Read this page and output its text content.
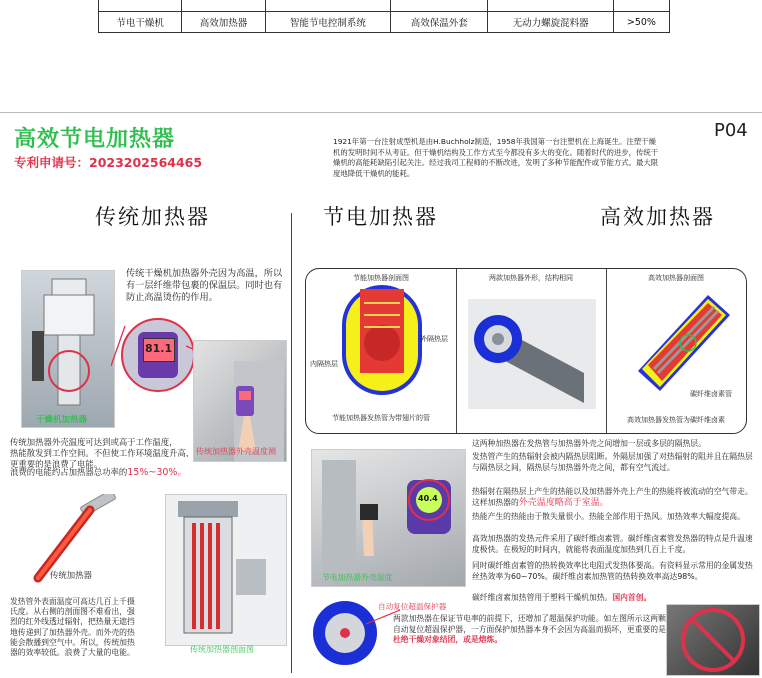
节电干燥机	高效加热器	智能节电控制系统	高效保温外套	无动力螺旋混料器	>50%
高效节电加热器
专利申请号：2023202564465
P04
1921年第一台注射成型机是由H.Buchholz制造，1958年我国第一台注塑机在上海诞生。注塑干燥机的发明时间不从考证。但干燥机结构及工作方式至今都没有多大的变化。随着时代的进步，传统干燥机的高能耗缺陷引起关注。经过我司工程师的不断改进，发明了多种节能配件或节能方式。最大限度地降低干燥机的能耗。
传统加热器	节电加热器	高效加热器
干燥机加热器
传统干燥机加热器外壳因为高温，所以有一层纤维带包裹的保温层。同时也有防止高温烫伤的作用。
81.1
传统加热器外壳温度可达到或高于工作温度，
热能散发到工作空间。不但使工作环境温度升高，
更重要的是浪费了电能。
传统加热器外壳温度测
浪费的电能约占加热器总功率的15%~30%。
传统加热器
发热管外表面温度可高达几百上千摄氏度。从右侧的剖面图不难看出，强烈的红外线透过辐射，把热量无遮挡地传递到了加热器外壳。而外壳的热能会散播到空气中。所以，传统加热器的效率较低。浪费了大量的电能。	传统加热器剖面图
节能加热器剖面图
内隔热层
外隔热层
节能加热器发热管为带翅片的管
两款加热器外形，结构相同	高效加热器剖面图
碳纤维卤素管
高效加热器发热管为碳纤维卤素
40.4
节电加热器外壳温度
自动复位超温保护器
这两种加热器在发热管与加热器外壳之间增加一层或多层的隔热层。
发热管产生的热辐射会被内隔热层阻断。外隔层加强了对热辐射的阻并且在隔热层与隔热层之间，隔热层与加热器外壳之间，都有空气流过。
热辐射在隔热层上产生的热能以及加热器外壳上产生的热能将被流动的空气带走。这样加热器的外壳温度略高于室温。
热能产生的热能由于散失量很小。热能全部作用于热风。加热效率大幅度提高。
高效加热器的发热元件采用了碳纤维卤素管。碳纤维卤素管发热器的特点是升温速度极快。在极短的时间内，就能将表面温度加热到几百上千度。
同时碳纤维卤素管的热转换效率比电阻式发热体要高。有资料显示常用的金属发热丝热效率为60~70%。碳纤维卤素加热管的热转换效率高达98%。
碳纤维卤素加热管用于塑料干燥机加热。国内首创。
两款加热器在保证节电率的前提下，还增加了超温保护功能。如左图所示这两颗自动复位超温保护器，一方面保护加热器本身不会因为高温而损坏，更重要的是杜绝干燥对象结团，或是熔炼。
